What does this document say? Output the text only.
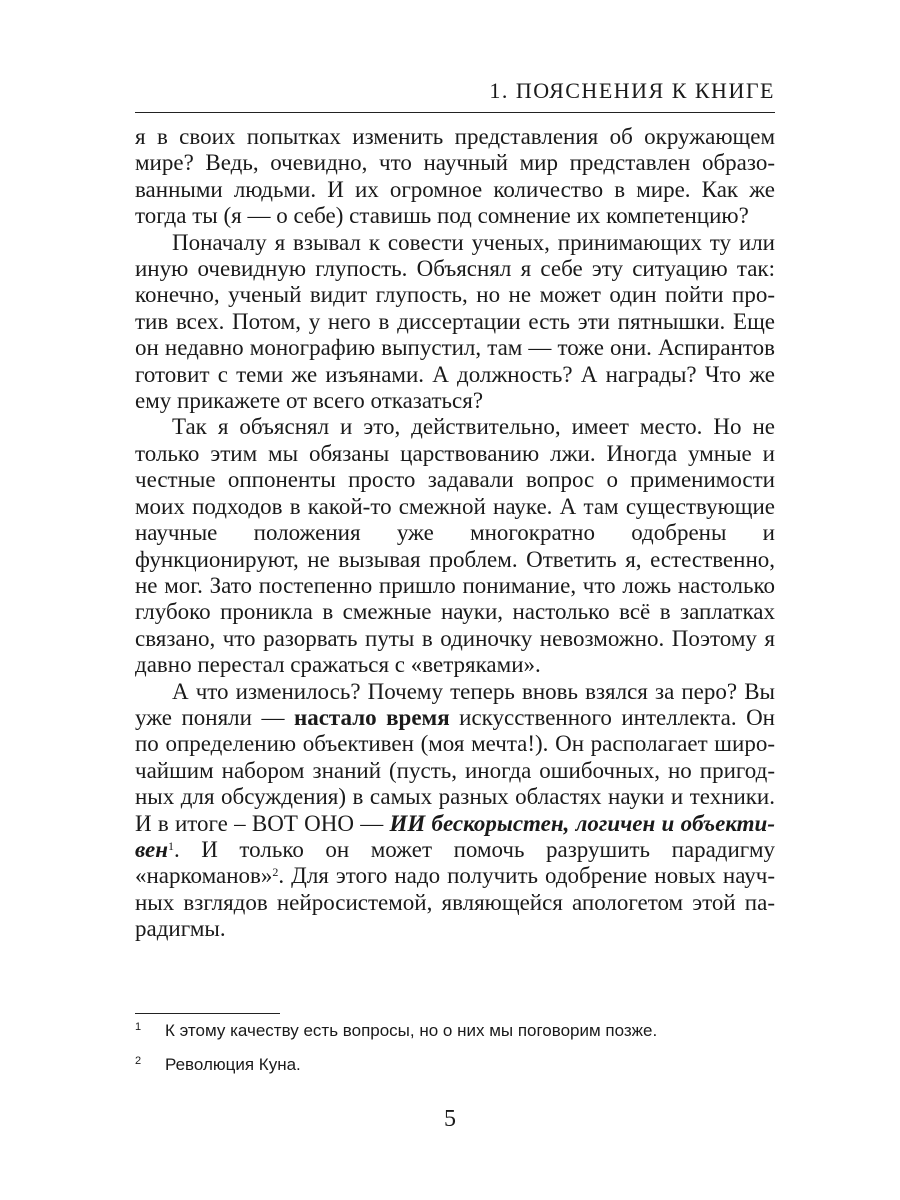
1. ПОЯСНЕНИЯ К КНИГЕ

я в своих попытках изменить представления об окружающем мире? Ведь, очевидно, что научный мир представлен образованными людьми. И их огромное количество в мире. Как же тогда ты (я — о себе) ставишь под сомнение их компетенцию?

Поначалу я взывал к совести ученых, принимающих ту или иную очевидную глупость. Объяснял я себе эту ситуацию так: конечно, ученый видит глупость, но не может один пойти против всех. Потом, у него в диссертации есть эти пятнышки. Еще он недавно монографию выпустил, там — тоже они. Аспирантов готовит с теми же изъянами. А должность? А награды? Что же ему прикажете от всего отказаться?

Так я объяснял и это, действительно, имеет место. Но не только этим мы обязаны царствованию лжи. Иногда умные и честные оппоненты просто задавали вопрос о применимости моих подходов в какой-то смежной науке. А там существующие научные положения уже многократно одобрены и функционируют, не вызывая проблем. Ответить я, естественно, не мог. Зато постепенно пришло понимание, что ложь настолько глубоко проникла в смежные науки, настолько всё в заплатках связано, что разорвать путы в одиночку невозможно. Поэтому я давно перестал сражаться с «ветряками».

А что изменилось? Почему теперь вновь взялся за перо? Вы уже поняли — настало время искусственного интеллекта. Он по определению объективен (моя мечта!). Он располагает широчайшим набором знаний (пусть, иногда ошибочных, но пригодных для обсуждения) в самых разных областях науки и техники. И в итоге – ВОТ ОНО — ИИ бескорыстен, логичен и объективен$^1$. И только он может помочь разрушить парадигму «наркоманов»$^2$. Для этого надо получить одобрение новых научных взглядов нейросистемой, являющейся апологетом этой парадигмы.

1 К этому качеству есть вопросы, но о них мы поговорим позже.
2 Революция Куна.
5
